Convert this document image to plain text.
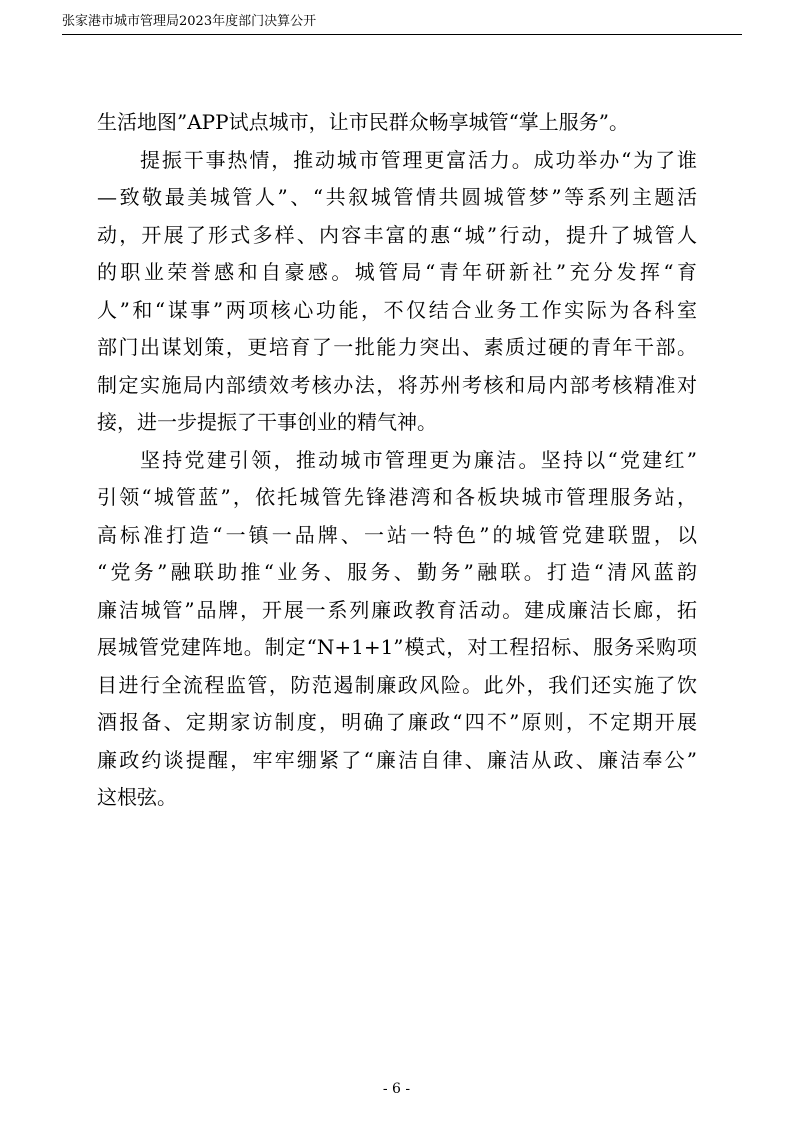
张家港市城市管理局2023年度部门决算公开
生活地图”APP试点城市，让市民群众畅享城管“掌上服务”。
提振干事热情，推动城市管理更富活力。成功举办“为了谁
—致敬最美城管人”、“共叙城管情共圆城管梦”等系列主题活
动，开展了形式多样、内容丰富的惠“城”行动，提升了城管人
的职业荣誉感和自豪感。城管局“青年研新社”充分发挥“育
人”和“谋事”两项核心功能，不仅结合业务工作实际为各科室
部门出谋划策，更培育了一批能力突出、素质过硬的青年干部。
制定实施局内部绩效考核办法，将苏州考核和局内部考核精准对
接，进一步提振了干事创业的精气神。
坚持党建引领，推动城市管理更为廉洁。坚持以“党建红”
引领“城管蓝”，依托城管先锋港湾和各板块城市管理服务站，
高标准打造“一镇一品牌、一站一特色”的城管党建联盟，以
“党务”融联助推“业务、服务、勤务”融联。打造“清风蓝韵
廉洁城管”品牌，开展一系列廉政教育活动。建成廉洁长廊，拓
展城管党建阵地。制定“N+1+1”模式，对工程招标、服务采购项
目进行全流程监管，防范遏制廉政风险。此外，我们还实施了饮
酒报备、定期家访制度，明确了廉政“四不”原则，不定期开展
廉政约谈提醒，牢牢绷紧了“廉洁自律、廉洁从政、廉洁奉公”
这根弦。
- 6 -
